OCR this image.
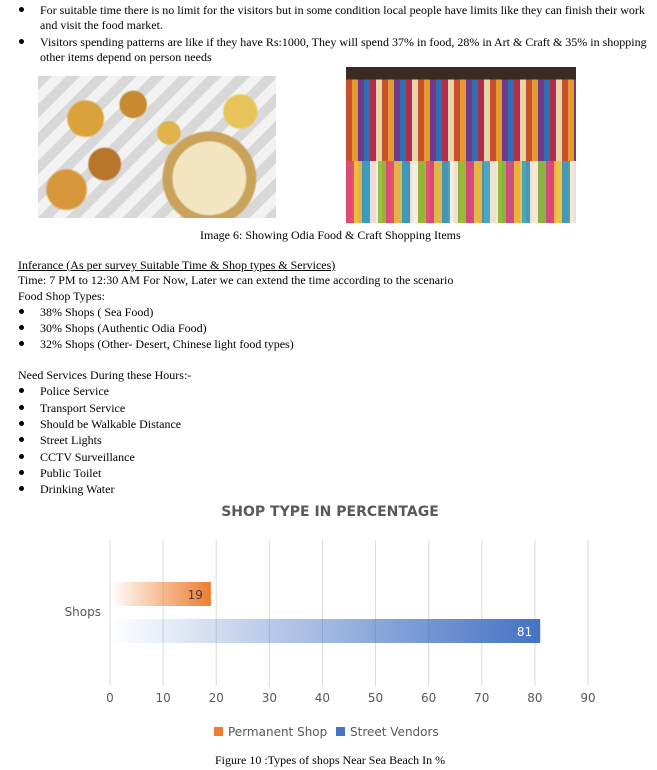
For suitable time there is no limit for the visitors but in some condition local people have limits like they can finish their work
and visit the food market.
Visitors spending patterns are like if they have Rs:1000, They will spend 37% in food, 28% in Art & Craft & 35% in shopping
other items depend on person needs
Image 6: Showing Odia Food & Craft Shopping Items
Inferance (As per survey Suitable Time & Shop types & Services)
Time: 7 PM to 12:30 AM For Now, Later we can extend the time according to the scenario
Food Shop Types:
38% Shops ( Sea Food)
30% Shops (Authentic Odia Food)
32% Shops (Other- Desert, Chinese light food types)
Need Services During these Hours:-
Police Service
Transport Service
Should be Walkable Distance
Street Lights
CCTV Surveillance
Public Toilet
Drinking Water
SHOP TYPE IN PERCENTAGE
19
81
0	10	20	30	40	50	60	70	80	90
Shops
Permanent Shop Street Vendors
Figure 10 :Types of shops Near Sea Beach In %
